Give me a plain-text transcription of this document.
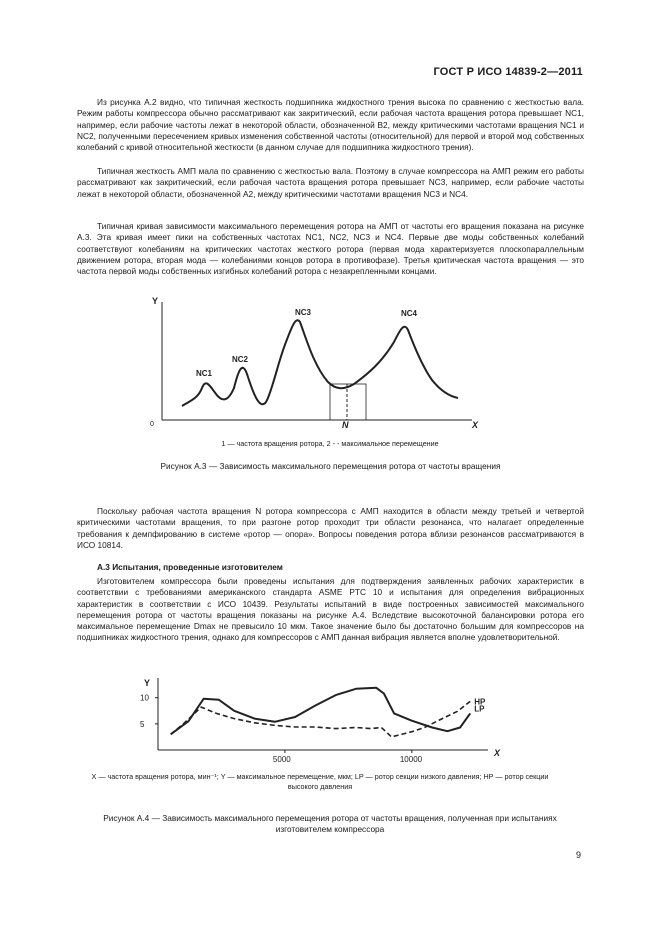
ГОСТ Р ИСО 14839-2—2011

Из рисунка А.2 видно, что типичная жесткость подшипника жидкостного трения высока по сравнению с жесткостью вала. Режим работы компрессора обычно рассматривают как закритический, если рабочая частота вращения ротора превышает NC1, например, если рабочие частоты лежат в некоторой области, обозначенной В2, между критическими частотами вращения NC1 и NC2, полученными пересечением кривых изменения собственной частоты (относительной) для первой и второй мод собственных колебаний с кривой относительной жесткости (в данном случае для подшипника жидкостного трения).

Типичная жесткость АМП мала по сравнению с жесткостью вала. Поэтому в случае компрессора на АМП режим его работы рассматривают как закритический, если рабочая частота вращения ротора превышает NC3, например, если рабочие частоты лежат в некоторой области, обозначенной А2, между критическими частотами вращения NC3 и NC4.

Типичная кривая зависимости максимального перемещения ротора на АМП от частоты его вращения показана на рисунке А.3. Эта кривая имеет пики на собственных частотах NC1, NC2, NC3 и NC4. Первые две моды собственных колебаний соответствуют колебаниям на критических частотах жесткого ротора (первая мода характеризуется плоскопараллельным движением ротора, вторая мода — колебаниями концов ротора в противофазе). Третья критическая частота вращения — это частота первой моды собственных изгибных колебаний ротора с незакрепленными концами.

Y
X
0	N
NC1
NC2
NC3	NC4
1 — частота вращения ротора, 2 - - максимальное перемещение
Рисунок А.3 — Зависимость максимального перемещения ротора от частоты вращения

Поскольку рабочая частота вращения N ротора компрессора с АМП находится в области между третьей и четвертой критическими частотами вращения, то при разгоне ротор проходит три области резонанса, что налагает определенные требования к демпфированию в системе «ротор — опора». Вопросы поведения ротора вблизи резонансов рассматриваются в ИСО 10814.

А.3 Испытания, проведенные изготовителем

Изготовителем компрессора были проведены испытания для подтверждения заявленных рабочих характеристик в соответствии с требованиями американского стандарта ASME PTC 10 и испытания для определения вибрационных характеристик в соответствии с ИСО 10439. Результаты испытаний в виде построенных зависимостей максимального перемещения ротора от частоты вращения показаны на рисунке А.4. Вследствие высокоточной балансировки ротора его максимальное перемещение Dmax не превысило 10 мкм. Такое значение было бы достаточно большим для компрессоров на подшипниках жидкостного трения, однако для компрессоров с АМП данная вибрация является вполне удовлетворительной.

Y
X
10
5
5000	10000
LP
HP
X — частота вращения ротора, мин⁻¹; Y — максимальное перемещение, мкм; LP — ротор секции низкого давления; HP — ротор секции высокого давления
Рисунок А.4 — Зависимость максимального перемещения ротора от частоты вращения, полученная при испытаниях изготовителем компрессора
9
